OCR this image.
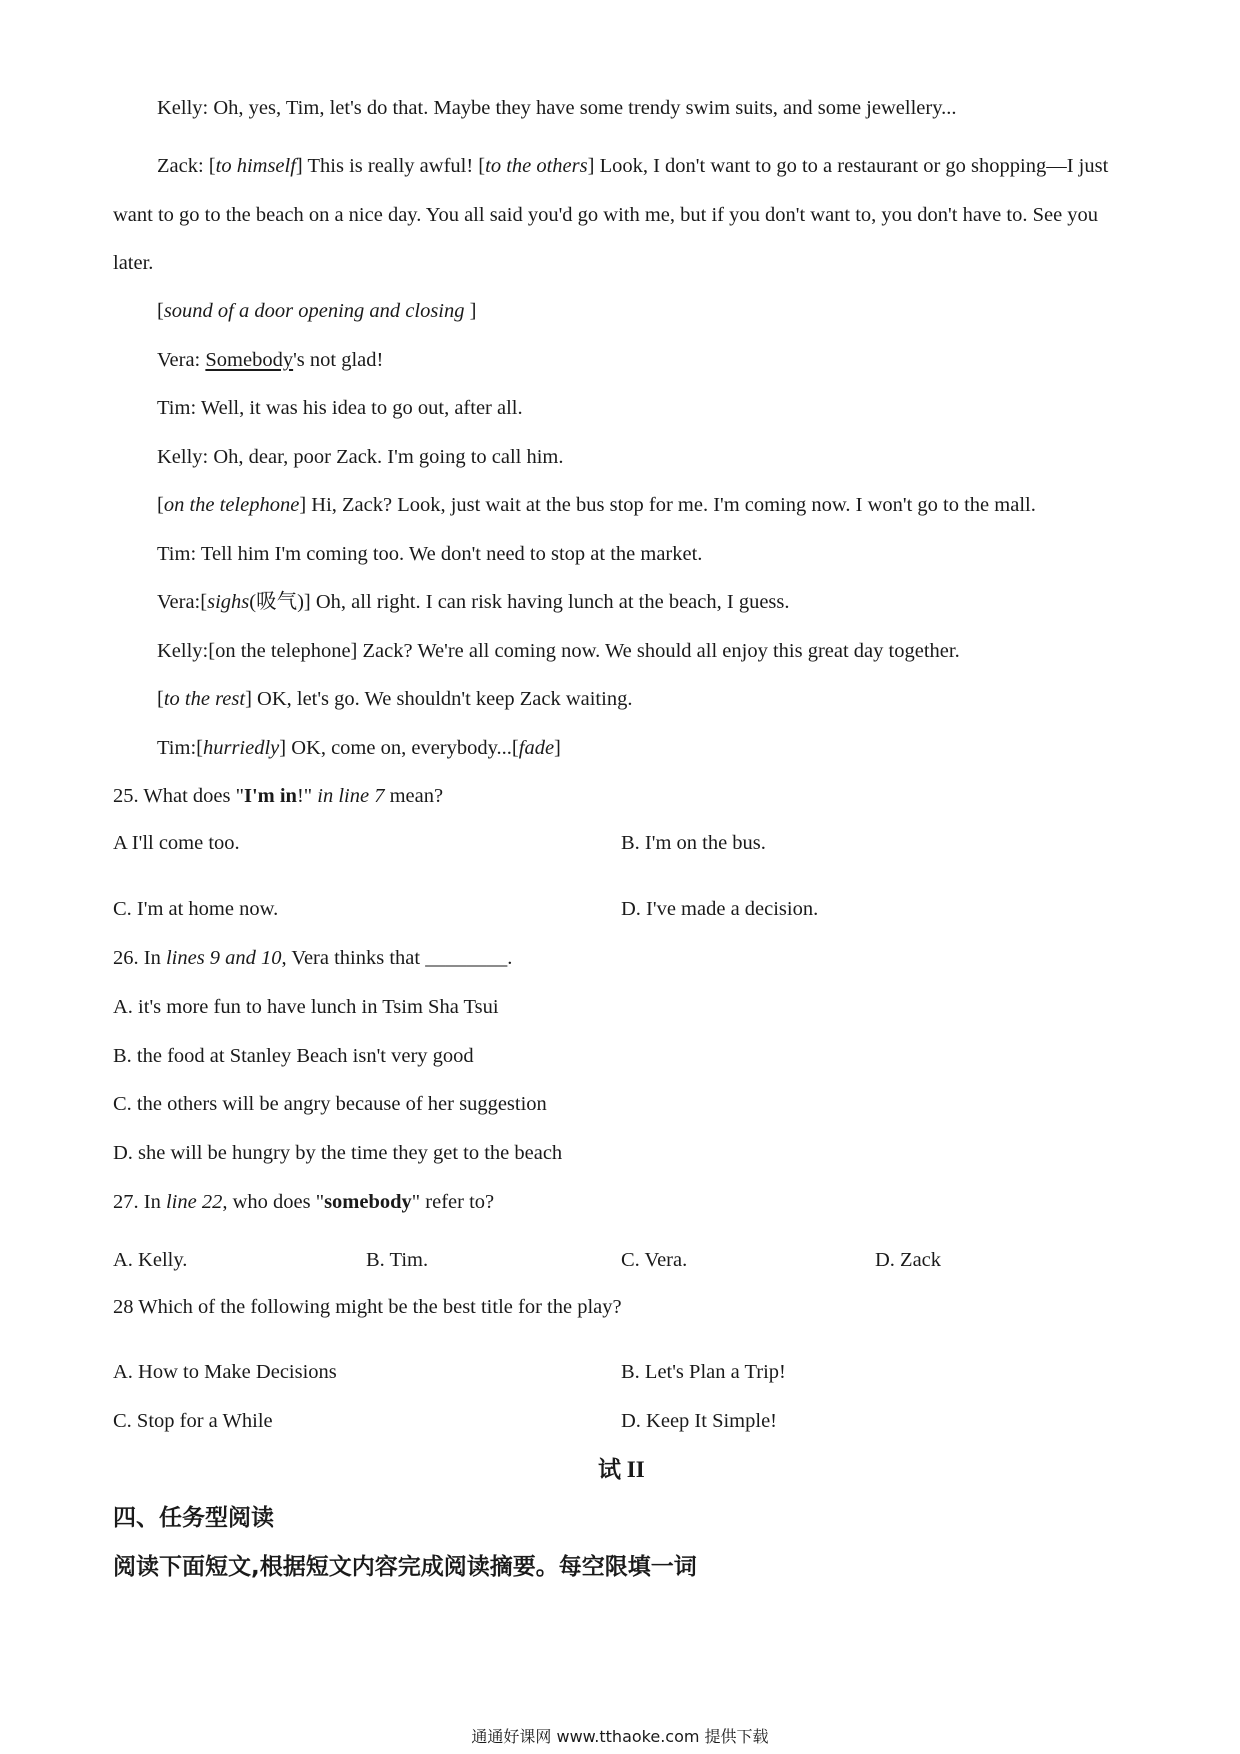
Kelly: Oh, yes, Tim, let's do that. Maybe they have some trendy swim suits, and some jewellery...
Zack: [to himself] This is really awful! [to the others] Look, I don't want to go to a restaurant or go shopping—I just want to go to the beach on a nice day. You all said you'd go with me, but if you don't want to, you don't have to. See you later.
[sound of a door opening and closing ]
Vera: Somebody's not glad!
Tim: Well, it was his idea to go out, after all.
Kelly: Oh, dear, poor Zack. I'm going to call him.
[on the telephone] Hi, Zack? Look, just wait at the bus stop for me. I'm coming now. I won't go to the mall.
Tim: Tell him I'm coming too. We don't need to stop at the market.
Vera:[sighs(吸气)] Oh, all right. I can risk having lunch at the beach, I guess.
Kelly:[on the telephone] Zack? We're all coming now. We should all enjoy this great day together.
[to the rest] OK, let's go. We shouldn't keep Zack waiting.
Tim:[hurriedly] OK, come on, everybody...[fade]
25. What does "I'm in!" in line 7 mean?
A I'll come too.	B. I'm on the bus.
C. I'm at home now.	D. I've made a decision.
26. In lines 9 and 10, Vera thinks that ________.
A. it's more fun to have lunch in Tsim Sha Tsui
B. the food at Stanley Beach isn't very good
C. the others will be angry because of her suggestion
D. she will be hungry by the time they get to the beach
27. In line 22, who does "somebody" refer to?
A. Kelly.	B. Tim.	C. Vera.	D. Zack
28 Which of the following might be the best title for the play?
A. How to Make Decisions	B. Let's Plan a Trip!
C. Stop for a While	D. Keep It Simple!
试 II
四、任务型阅读
阅读下面短文,根据短文内容完成阅读摘要。每空限填一词
通通好课网 www.tthaoke.com 提供下载
